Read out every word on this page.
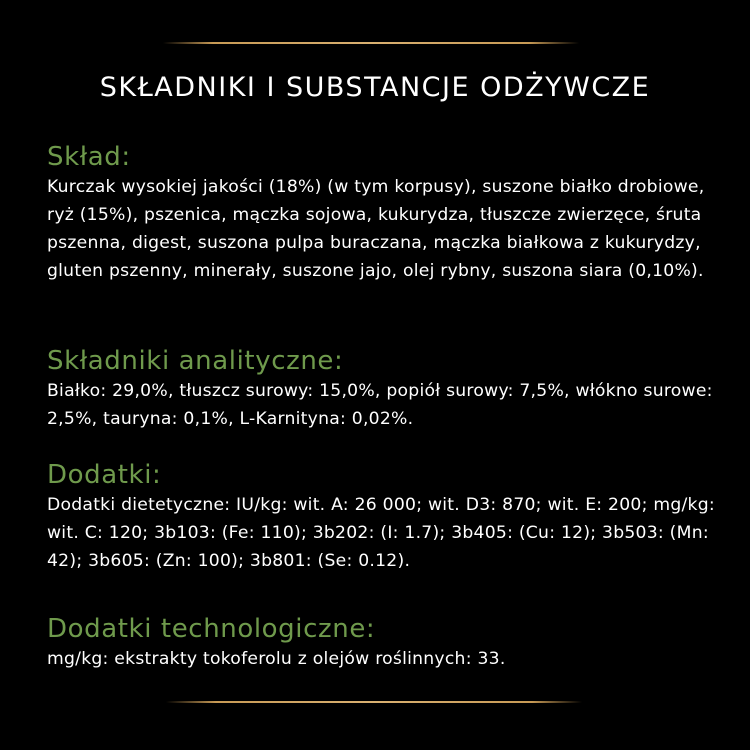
SKŁADNIKI I SUBSTANCJE ODŻYWCZE
Skład:

Kurczak wysokiej jakości (18%) (w tym korpusy), suszone białko drobiowe, ryż (15%), pszenica, mączka sojowa, kukurydza, tłuszcze zwierzęce, śruta pszenna, digest, suszona pulpa buraczana, mączka białkowa z kukurydzy, gluten pszenny, minerały, suszone jajo, olej rybny, suszona siara (0,10%).

Składniki analityczne:

Białko: 29,0%, tłuszcz surowy: 15,0%, popiół surowy: 7,5%, włókno surowe: 2,5%, tauryna: 0,1%, L-Karnityna: 0,02%.

Dodatki:

Dodatki dietetyczne: IU/kg: wit. A: 26 000; wit. D3: 870; wit. E: 200; mg/kg: wit. C: 120; 3b103: (Fe: 110); 3b202: (I: 1.7); 3b405: (Cu: 12); 3b503: (Mn: 42); 3b605: (Zn: 100); 3b801: (Se: 0.12).

Dodatki technologiczne:

mg/kg: ekstrakty tokoferolu z olejów roślinnych: 33.
